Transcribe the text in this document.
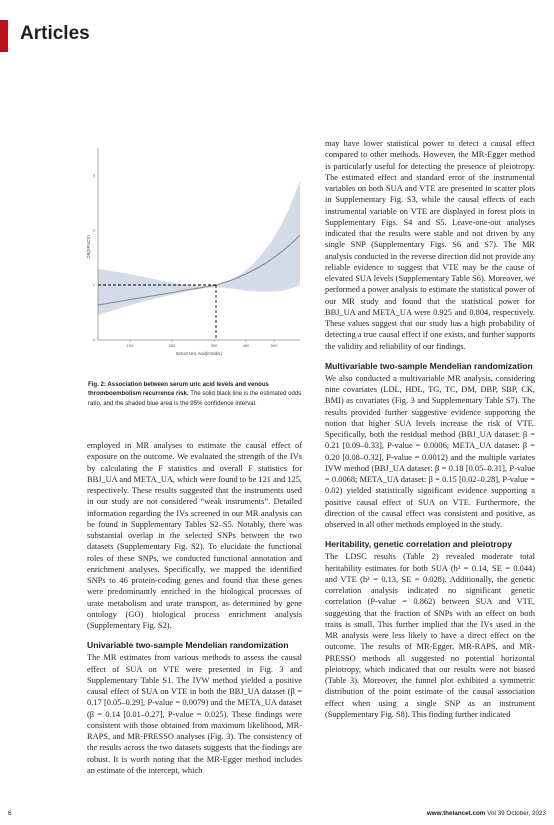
Articles
0
1
2
3
100	200	300	400	500
OR(SPUCS)
Serum Uric Acid(mmol/L)
Fig. 2: Association between serum uric acid levels and venous thromboembolism recurrence risk. The solid black line is the estimated odds ratio, and the shaded blue area is the 95% confidence interval.

employed in MR analyses to estimate the causal effect of exposure on the outcome. We evaluated the strength of the IVs by calculating the F statistics and overall F statistics for BBJ_UA and META_UA, which were found to be 121 and 125, respectively. These results suggested that the instruments used in our study are not considered “weak instruments”. Detailed information regarding the IVs screened in our MR analysis can be found in Supplementary Tables S2–S5. Notably, there was substantial overlap in the selected SNPs between the two datasets (Supplementary Fig. S2). To elucidate the functional roles of these SNPs, we conducted functional annotation and enrichment analyses. Specifically, we mapped the identified SNPs to 46 protein-coding genes and found that these genes were predominantly enriched in the biological processes of urate metabolism and urate transport, as determined by gene ontology (GO) biological process enrichment analysis (Supplementary Fig. S2).

Univariable two-sample Mendelian randomization

The MR estimates from various methods to assess the causal effect of SUA on VTE were presented in Fig. 3 and Supplementary Table S1. The IVW method yielded a positive causal effect of SUA on VTE in both the BBJ_UA dataset (β = 0.17 [0.05–0.29], P-value = 0.0079) and the META_UA dataset (β = 0.14 [0.01–0.27], P-value = 0.025). These findings were consistent with those obtained from maximum likelihood, MR-RAPS, and MR-PRESSO analyses (Fig. 3). The consistency of the results across the two datasets suggests that the findings are robust. It is worth noting that the MR-Egger method includes an estimate of the intercept, which

may have lower statistical power to detect a causal effect compared to other methods. However, the MR-Egger method is particularly useful for detecting the presence of pleiotropy. The estimated effect and standard error of the instrumental variables on both SUA and VTE are presented in scatter plots in Supplementary Fig. S3, while the causal effects of each instrumental variable on VTE are displayed in forest plots in Supplementary Figs. S4 and S5. Leave-one-out analyses indicated that the results were stable and not driven by any single SNP (Supplementary Figs. S6 and S7). The MR analysis conducted in the reverse direction did not provide any reliable evidence to suggest that VTE may be the cause of elevated SUA levels (Supplementary Table S6). Moreover, we performed a power analysis to estimate the statistical power of our MR study and found that the statistical power for BBJ_UA and META_UA were 0.925 and 0.804, respectively. These values suggest that our study has a high probability of detecting a true causal effect if one exists, and further supports the validity and reliability of our findings.

Multivariable two-sample Mendelian randomization

We also conducted a multivariable MR analysis, considering nine covariates (LDL, HDL, TG, TC, DM, DBP, SBP, CK, BMI) as covariates (Fig. 3 and Supplementary Table S7). The results provided further suggestive evidence supporting the notion that higher SUA levels increase the risk of VTE. Specifically, both the residual method (BBJ_UA dataset: β = 0.21 [0.09–0.33], P-value = 0.0006; META_UA dataset: β = 0.20 [0.08–0.32], P-value = 0.0012) and the multiple variates IVW method (BBJ_UA dataset: β = 0.18 [0.05–0.31], P-value = 0.0068; META_UA dataset: β = 0.15 [0.02–0.28], P-value = 0.02) yielded statistically significant evidence supporting a positive causal effect of SUA on VTE. Furthermore, the direction of the causal effect was consistent and positive, as observed in all other methods employed in the study.

Heritability, genetic correlation and pleiotropy

The LDSC results (Table 2) revealed moderate total heritability estimates for both SUA (h² = 0.14, SE = 0.044) and VTE (h² = 0.13, SE = 0.028). Additionally, the genetic correlation analysis indicated no significant genetic correlation (P-value = 0.862) between SUA and VTE, suggesting that the fraction of SNPs with an effect on both traits is small. This further implied that the IVs used in the MR analysis were less likely to have a direct effect on the outcome. The results of MR-Egger, MR-RAPS, and MR-PRESSO methods all suggested no potential horizontal pleiotropy, which indicated that our results were not biased (Table 3). Moreover, the funnel plot exhibited a symmetric distribution of the point estimate of the causal association effect when using a single SNP as an instrument (Supplementary Fig. S8). This finding further indicated

6	www.thelancet.com Vol 39 October, 2023
